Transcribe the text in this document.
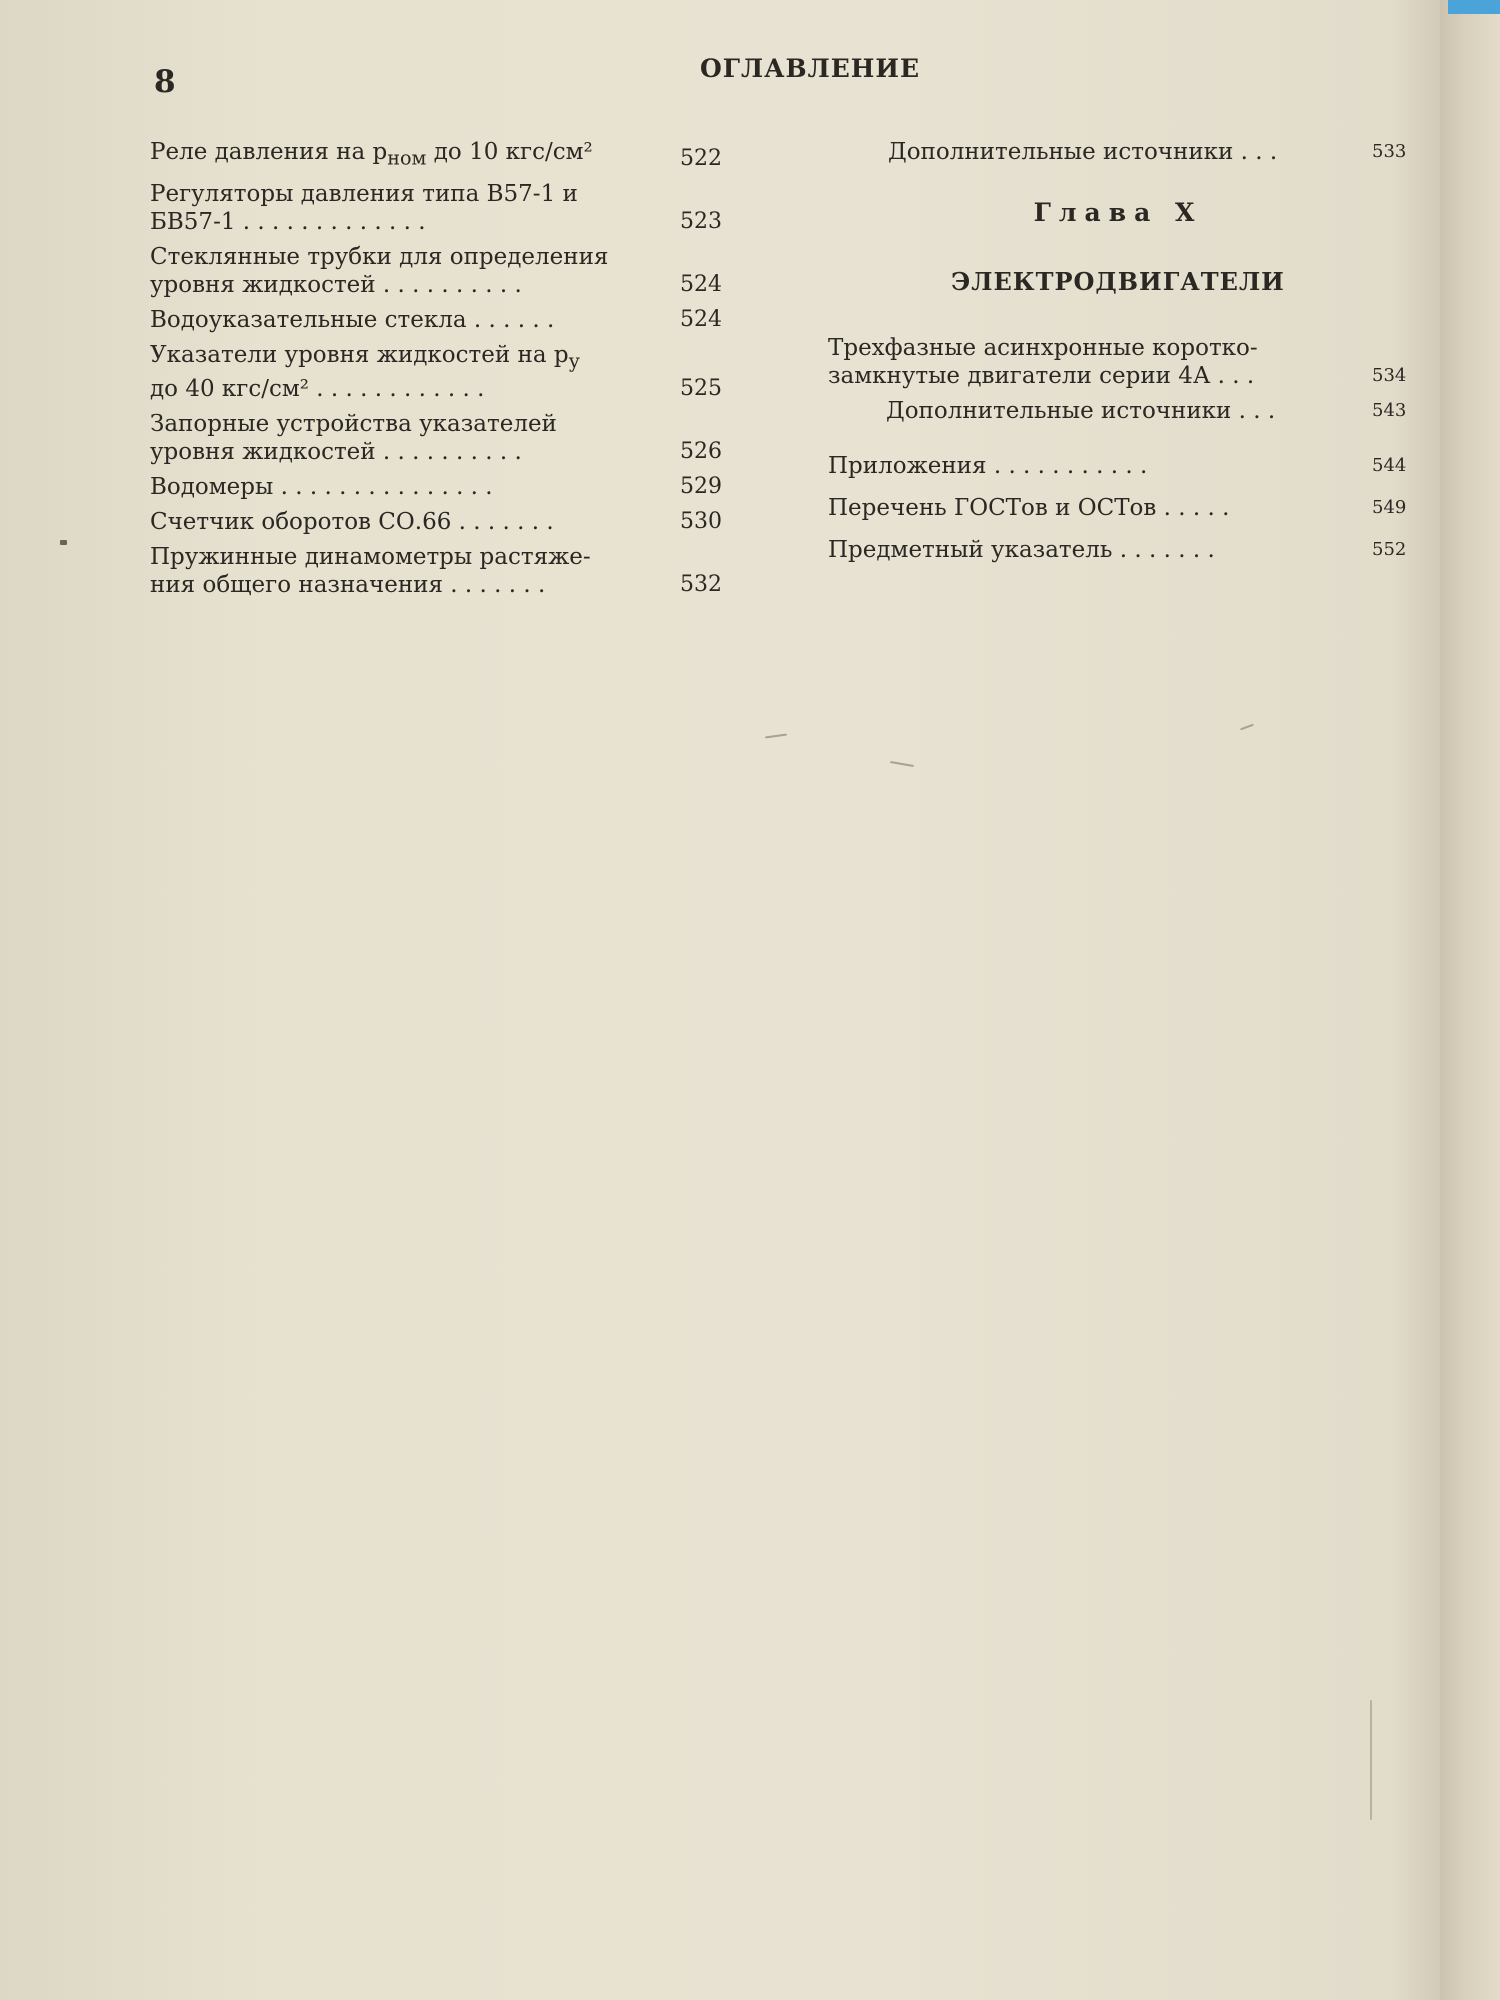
8	ОГЛАВЛЕНИЕ
Реле давления на $p_{ном}$ до 10 кгс/см²	522
Регуляторы давления типа В57-1 и
БВ57-1 . . . . . . . . . . . . .	523
Стеклянные трубки для определения
уровня жидкостей . . . . . . . . . .	524
Водоуказательные стекла . . . . . .	524
Указатели уровня жидкостей на $p_у$
до 40 кгс/см² . . . . . . . . . . . .	525
Запорные устройства указателей
уровня жидкостей . . . . . . . . . .	526
Водомеры . . . . . . . . . . . . . . .	529
Счетчик оборотов СО.66 . . . . . . .	530
Пружинные динамометры растяже-
ния общего назначения . . . . . . .	532
Дополнительные источники . . .	533
Глава X
ЭЛЕКТРОДВИГАТЕЛИ
Трехфазные асинхронные коротко-
замкнутые двигатели серии 4А . . .	534
Дополнительные источники . . .	543
Приложения . . . . . . . . . . .	544
Перечень ГОСТов и ОСТов . . . . .	549
Предметный указатель . . . . . . .	552
